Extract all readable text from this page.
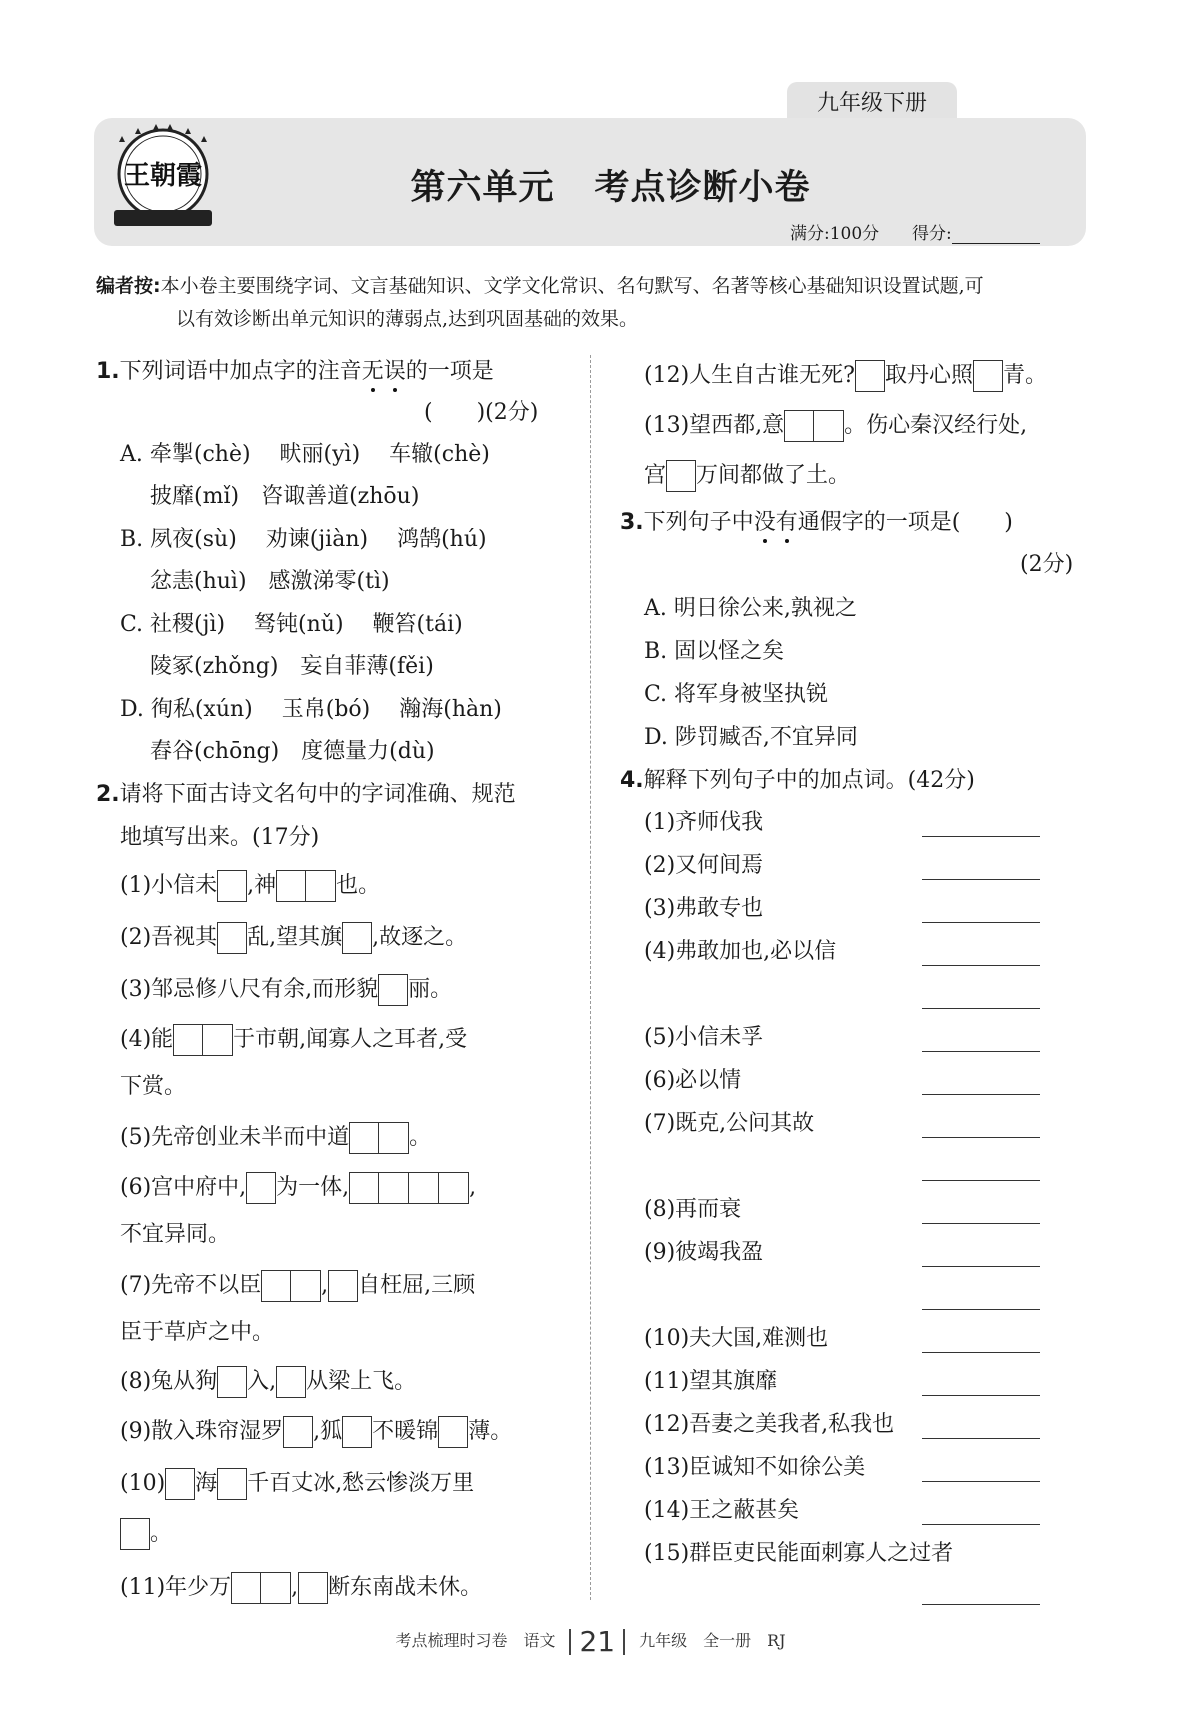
九年级下册
王朝霞	第六单元 考点诊断小卷
满分:100分 得分:
编者按:本小卷主要围绕字词、文言基础知识、文学文化常识、名句默写、名著等核心基础知识设置试题,可
以有效诊断出单元知识的薄弱点,达到巩固基础的效果。
1.下列词语中加点字的注音无误的一项是
(　　)(2分)
A. 牵掣(chè)　 畎丽(yì)　 车辙(chè)
披靡(mǐ)　咨诹善道(zhōu)
B. 夙夜(sù)　 劝谏(jiàn)　 鸿鹄(hú)
忿恚(huì)　感激涕零(tì)
C. 社稷(jì)　 驽钝(nǔ)　 鞭笞(tái)
陵冢(zhǒng)　妄自菲薄(fěi)
D. 徇私(xún)　 玉帛(bó)　 瀚海(hàn)
舂谷(chōng)　度德量力(dù)
2.请将下面古诗文名句中的字词准确、规范
地填写出来。(17分)
(1)小信未 ,神	也。
(2)吾视其 乱,望其旗 ,故逐之。
(3)邹忌修八尺有余,而形貌 丽。
(4)能	于市朝,闻寡人之耳者,受
下赏。
(5)先帝创业未半而中道	。
(6)宫中府中, 为一体,	,
不宜异同。
(7)先帝不以臣	, 自枉屈,三顾
臣于草庐之中。
(8)兔从狗 入, 从梁上飞。
(9)散入珠帘湿罗 ,狐 不暖锦 薄。
(10) 海 千百丈冰,愁云惨淡万里
。
(11)年少万	, 断东南战未休。
(12)人生自古谁无死? 取丹心照 青。
(13)望西都,意	。伤心秦汉经行处,
宫 万间都做了土。
3.下列句子中没有通假字的一项是(　　)
(2分)
A. 明日徐公来,孰视之
B. 固以怪之矣
C. 将军身被坚执锐
D. 陟罚臧否,不宜异同
4.解释下列句子中的加点词。(42分)
(1)齐师伐我
(2)又何间焉
(3)弗敢专也
(4)弗敢加也,必以信
(5)小信未孚
(6)必以情
(7)既克,公问其故
(8)再而衰
(9)彼竭我盈
(10)夫大国,难测也
(11)望其旗靡
(12)吾妻之美我者,私我也
(13)臣诚知不如徐公美
(14)王之蔽甚矣
(15)群臣吏民能面刺寡人之过者
考点梳理时习卷　语文 21 九年级　全一册　RJ
